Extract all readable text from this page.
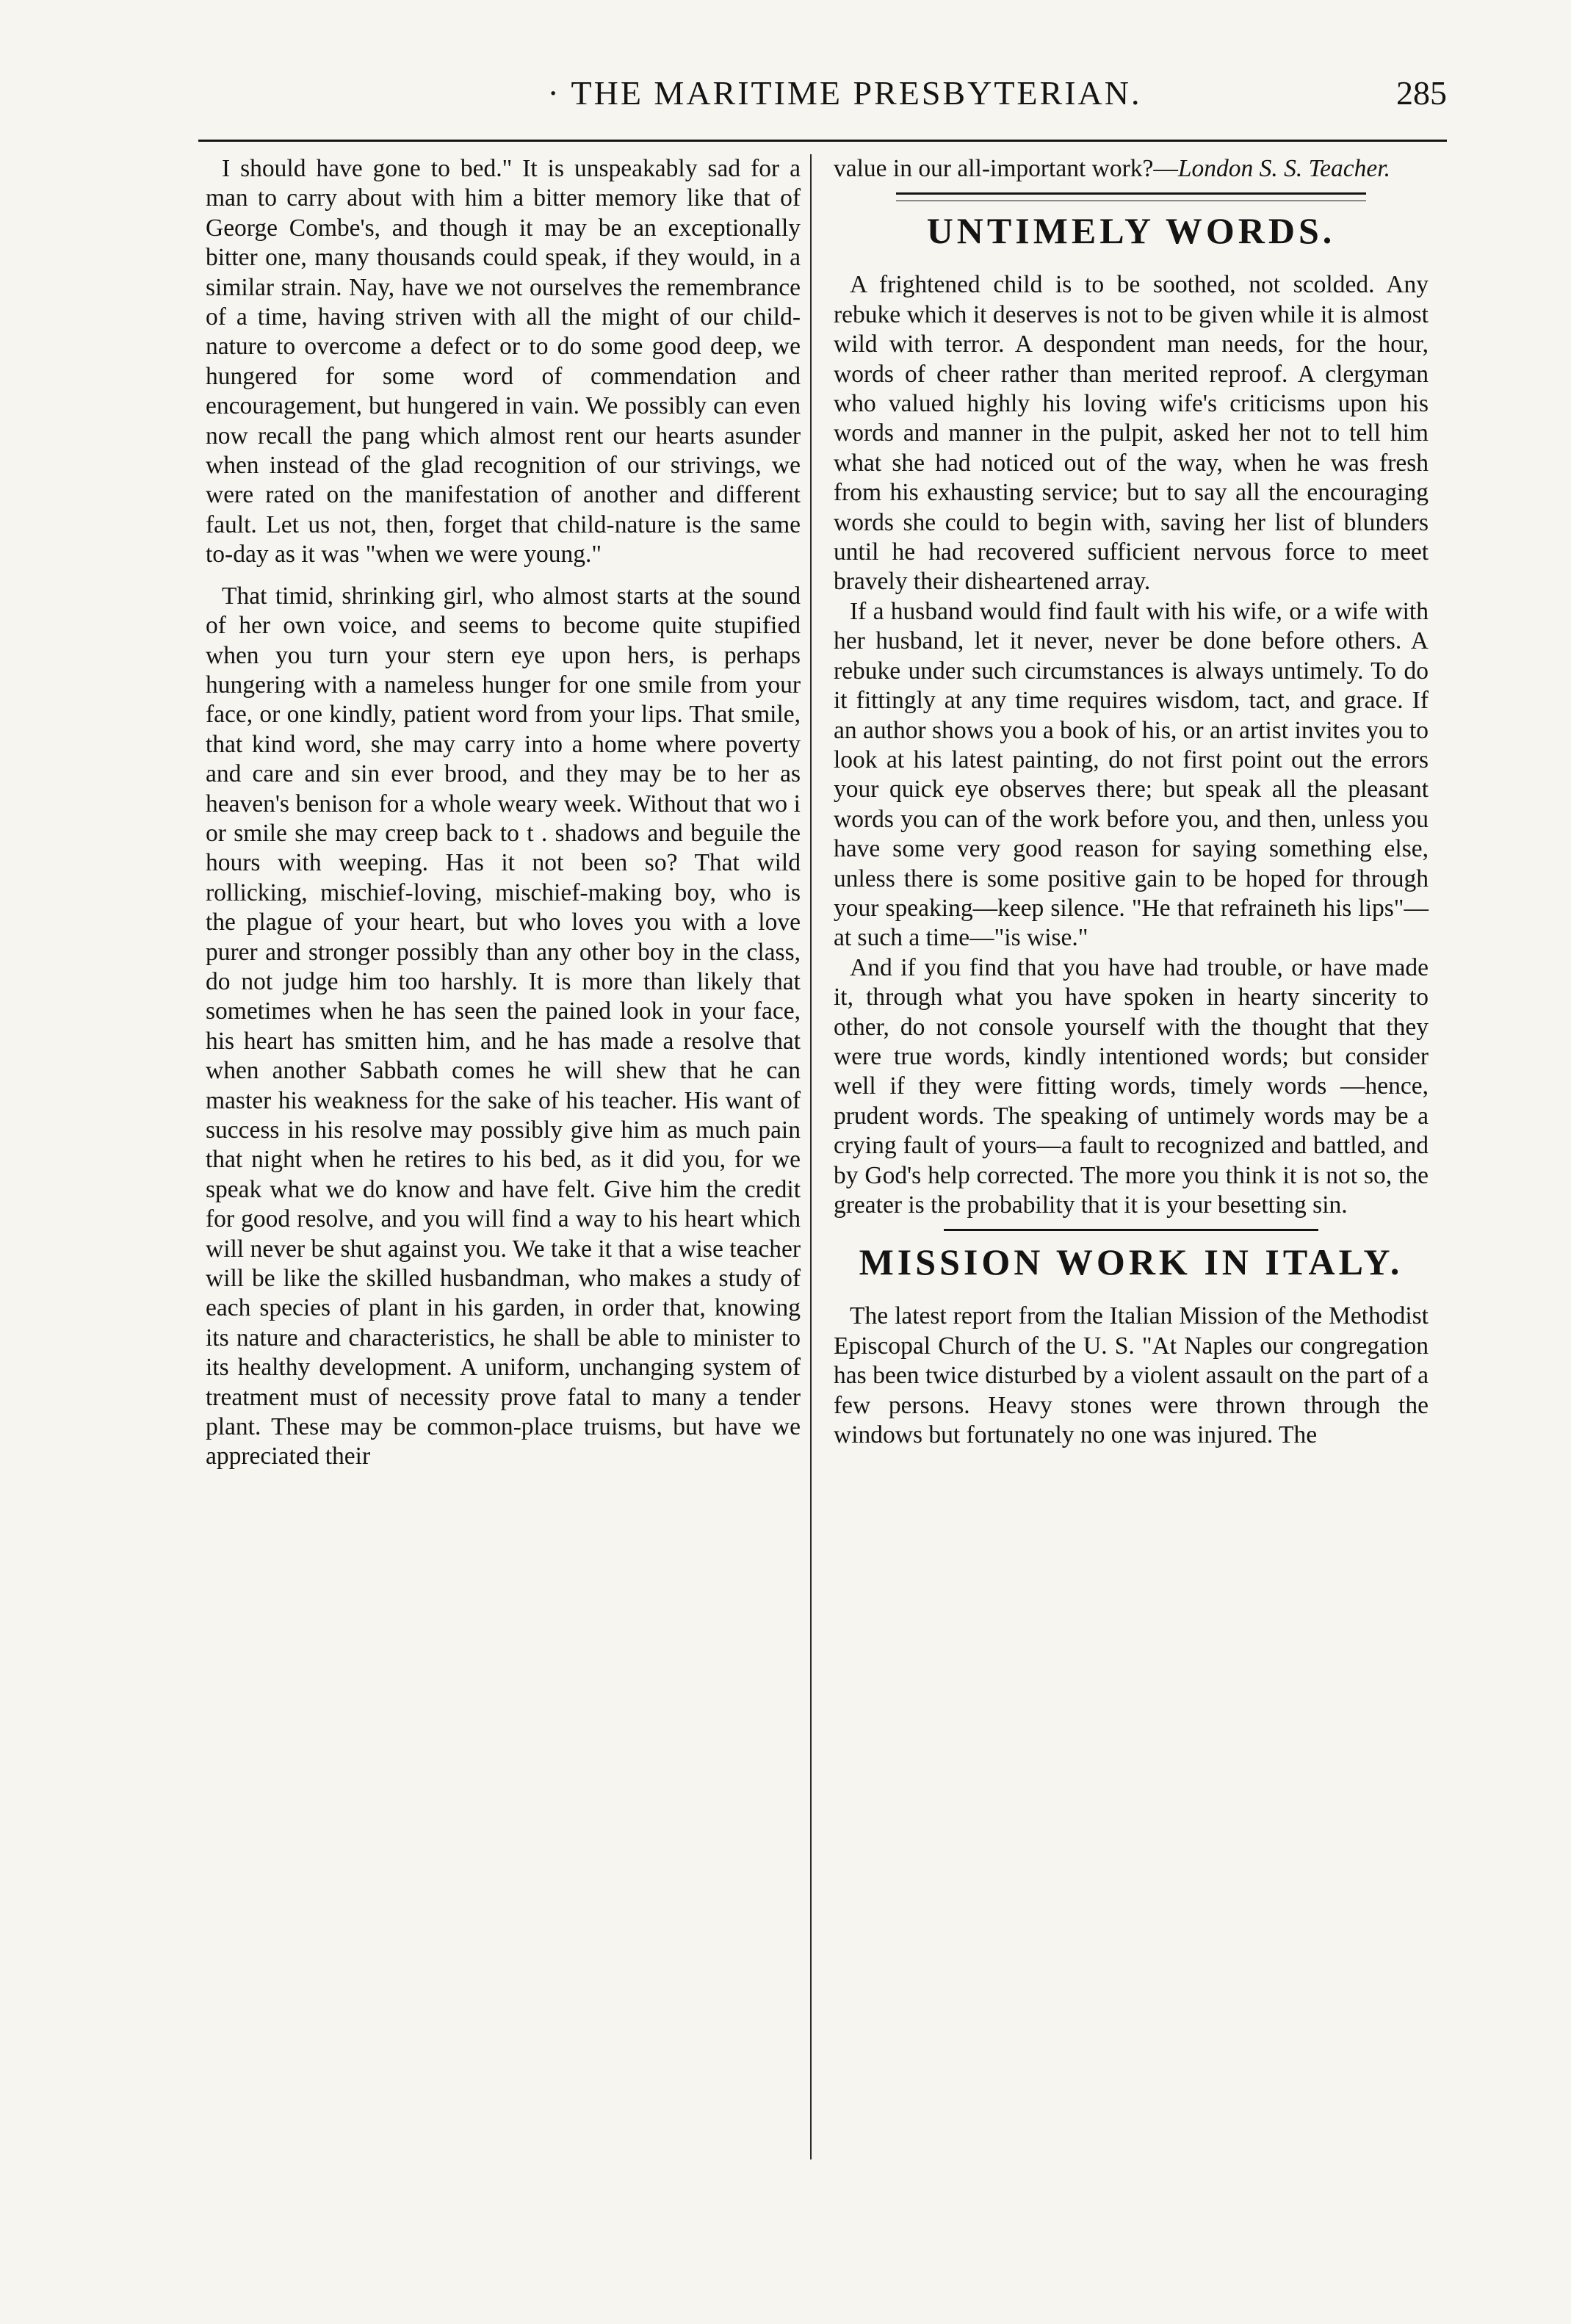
· THE MARITIME PRESBYTERIAN.	285

I should have gone to bed." It is unspeakably sad for a man to carry about with him a bitter memory like that of George Combe's, and though it may be an exceptionally bitter one, many thousands could speak, if they would, in a similar strain. Nay, have we not ourselves the remembrance of a time, having striven with all the might of our child-nature to overcome a defect or to do some good deep, we hungered for some word of commendation and encouragement, but hungered in vain. We possibly can even now recall the pang which almost rent our hearts asunder when instead of the glad recognition of our strivings, we were rated on the manifestation of another and different fault. Let us not, then, forget that child-nature is the same to-day as it was "when we were young."

That timid, shrinking girl, who almost starts at the sound of her own voice, and seems to become quite stupified when you turn your stern eye upon hers, is perhaps hungering with a nameless hunger for one smile from your face, or one kindly, patient word from your lips. That smile, that kind word, she may carry into a home where poverty and care and sin ever brood, and they may be to her as heaven's benison for a whole weary week. Without that wo i or smile she may creep back to t . shadows and beguile the hours with weeping. Has it not been so? That wild rollicking, mischief-loving, mischief-making boy, who is the plague of your heart, but who loves you with a love purer and stronger possibly than any other boy in the class, do not judge him too harshly. It is more than likely that sometimes when he has seen the pained look in your face, his heart has smitten him, and he has made a resolve that when another Sabbath comes he will shew that he can master his weakness for the sake of his teacher. His want of success in his resolve may possibly give him as much pain that night when he retires to his bed, as it did you, for we speak what we do know and have felt. Give him the credit for good resolve, and you will find a way to his heart which will never be shut against you. We take it that a wise teacher will be like the skilled husbandman, who makes a study of each species of plant in his garden, in order that, knowing its nature and characteristics, he shall be able to minister to its healthy development. A uniform, unchanging system of treatment must of necessity prove fatal to many a tender plant. These may be common-place truisms, but have we appreciated their

value in our all-important work?—London S. S. Teacher.

UNTIMELY WORDS.

A frightened child is to be soothed, not scolded. Any rebuke which it deserves is not to be given while it is almost wild with terror. A despondent man needs, for the hour, words of cheer rather than merited reproof. A clergyman who valued highly his loving wife's criticisms upon his words and manner in the pulpit, asked her not to tell him what she had noticed out of the way, when he was fresh from his exhausting service; but to say all the encouraging words she could to begin with, saving her list of blunders until he had recovered sufficient nervous force to meet bravely their disheartened array.

If a husband would find fault with his wife, or a wife with her husband, let it never, never be done before others. A rebuke under such circumstances is always untimely. To do it fittingly at any time requires wisdom, tact, and grace. If an author shows you a book of his, or an artist invites you to look at his latest painting, do not first point out the errors your quick eye observes there; but speak all the pleasant words you can of the work before you, and then, unless you have some very good reason for saying something else, unless there is some positive gain to be hoped for through your speaking—keep silence. "He that refraineth his lips"—at such a time—"is wise."

And if you find that you have had trouble, or have made it, through what you have spoken in hearty sincerity to other, do not console yourself with the thought that they were true words, kindly intentioned words; but consider well if they were fitting words, timely words —hence, prudent words. The speaking of untimely words may be a crying fault of yours—a fault to recognized and battled, and by God's help corrected. The more you think it is not so, the greater is the probability that it is your besetting sin.

MISSION WORK IN ITALY.

The latest report from the Italian Mission of the Methodist Episcopal Church of the U. S. "At Naples our congregation has been twice disturbed by a violent assault on the part of a few persons. Heavy stones were thrown through the windows but fortunately no one was injured. The
